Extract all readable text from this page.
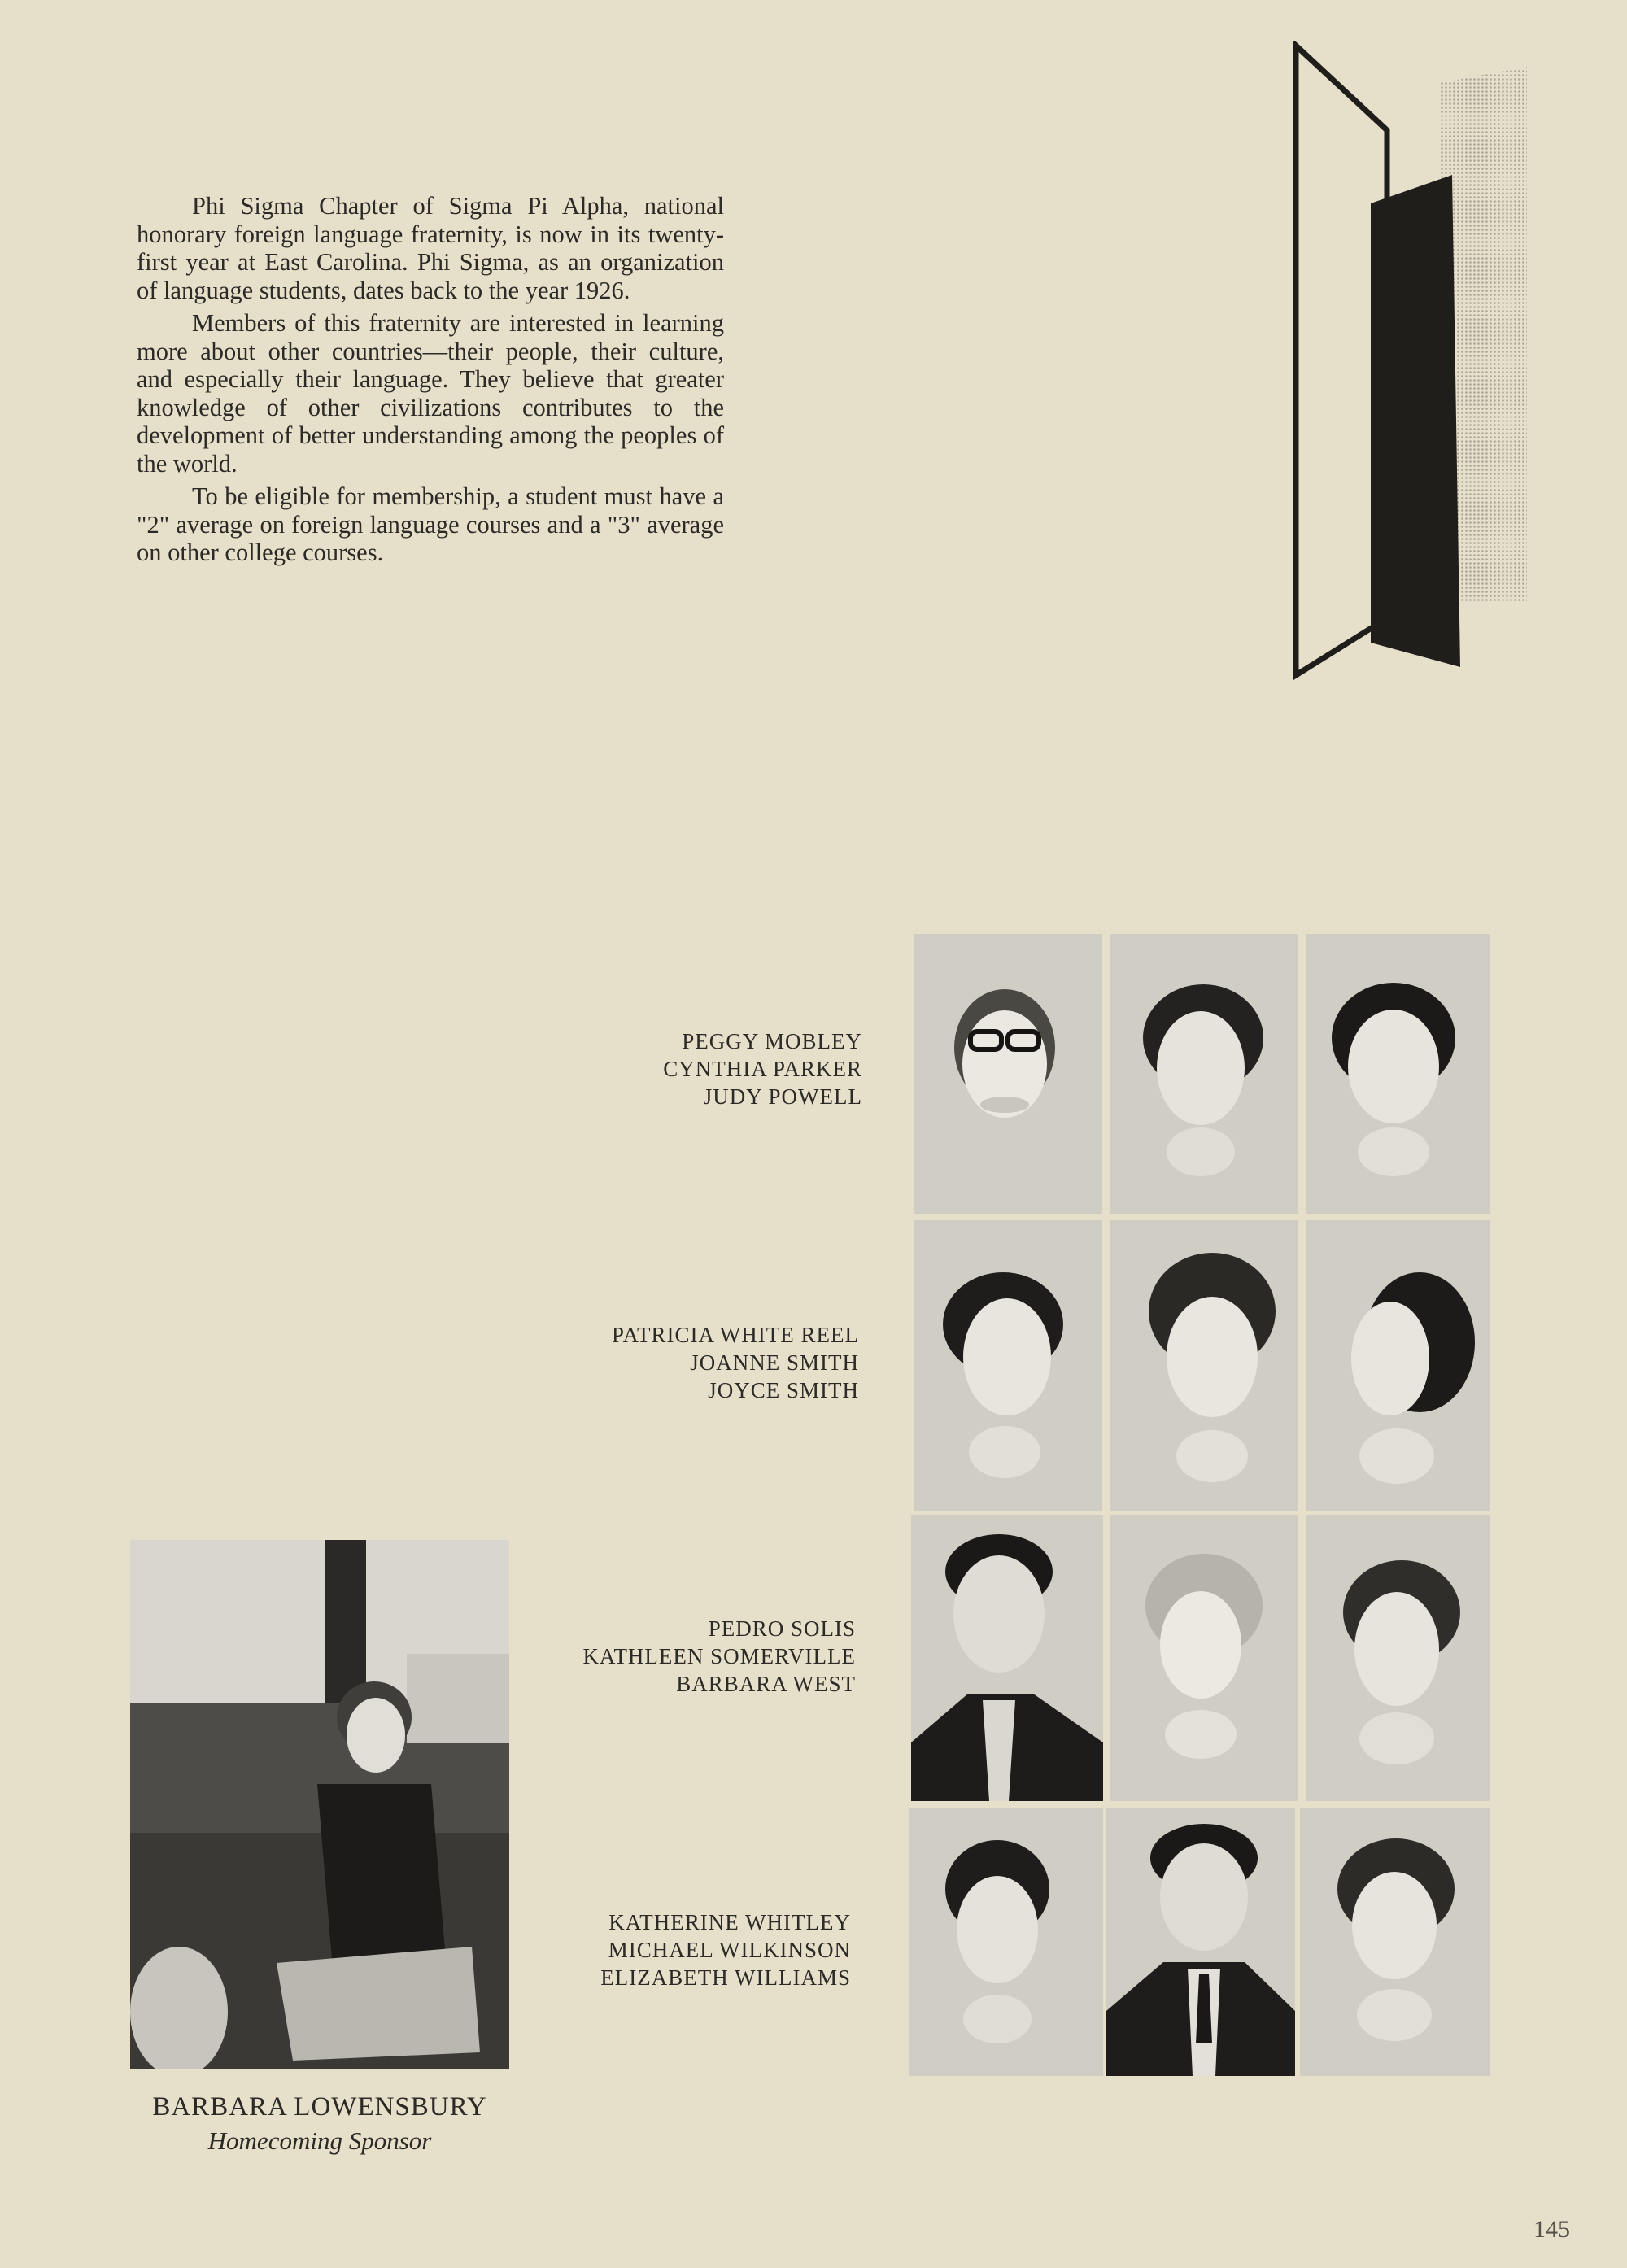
Phi Sigma Chapter of Sigma Pi Alpha, national honorary foreign language fraternity, is now in its twenty-first year at East Carolina. Phi Sigma, as an organization of language students, dates back to the year 1926.

Members of this fraternity are interested in learning more about other countries—their people, their culture, and especially their language. They believe that greater knowledge of other civilizations contributes to the development of better understanding among the peoples of the world.

To be eligible for membership, a student must have a "2" average on foreign language courses and a "3" average on other college courses.

PEGGY MOBLEY
CYNTHIA PARKER
JUDY POWELL
PATRICIA WHITE REEL
JOANNE SMITH
JOYCE SMITH
PEDRO SOLIS
KATHLEEN SOMERVILLE
BARBARA WEST
KATHERINE WHITLEY
MICHAEL WILKINSON
ELIZABETH WILLIAMS
BARBARA LOWENSBURY
Homecoming Sponsor
145
